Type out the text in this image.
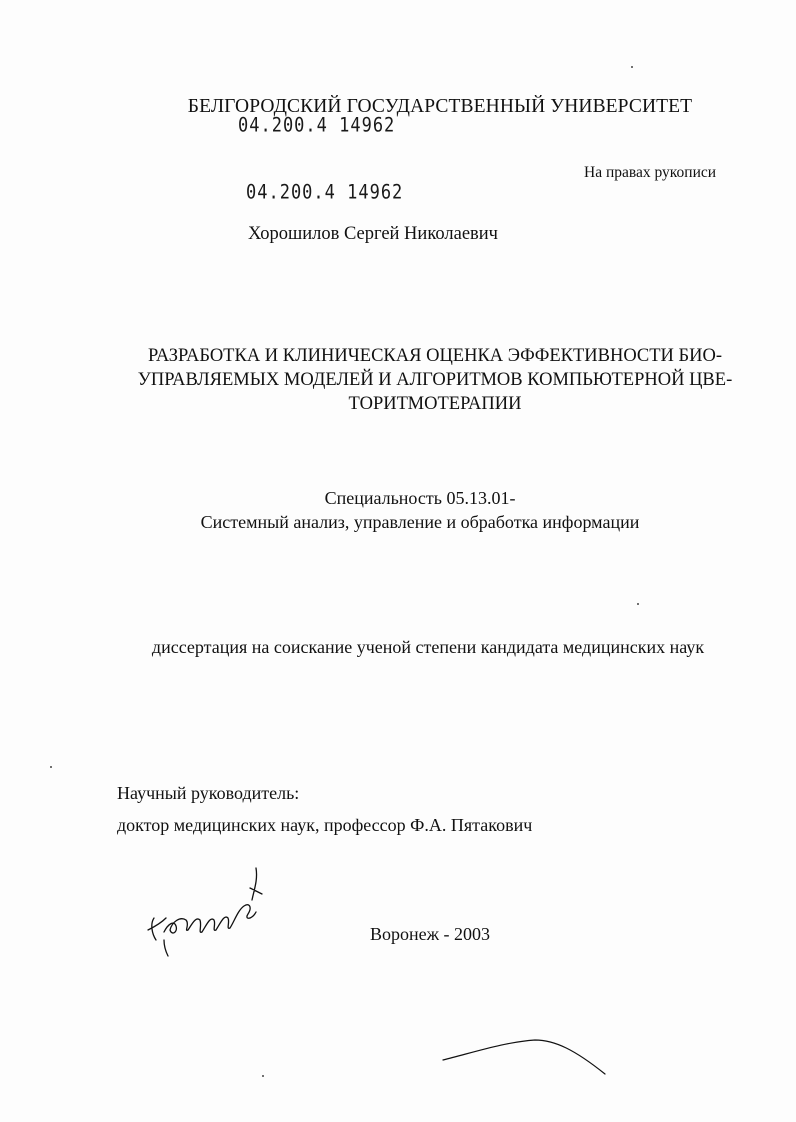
БЕЛГОРОДСКИЙ ГОСУДАРСТВЕННЫЙ УНИВЕРСИТЕТ
04.200.4 14962
На правах рукописи
04.200.4 14962
Хорошилов Сергей Николаевич
РАЗРАБОТКА И КЛИНИЧЕСКАЯ ОЦЕНКА ЭФФЕКТИВНОСТИ БИО-
УПРАВЛЯЕМЫХ МОДЕЛЕЙ И АЛГОРИТМОВ КОМПЬЮТЕРНОЙ ЦВЕ-
ТОРИТМОТЕРАПИИ
Специальность 05.13.01-
Системный анализ, управление и обработка информации
диссертация на соискание ученой степени кандидата медицинских наук
Научный руководитель:
доктор медицинских наук, профессор Ф.А. Пятакович
Воронеж - 2003
